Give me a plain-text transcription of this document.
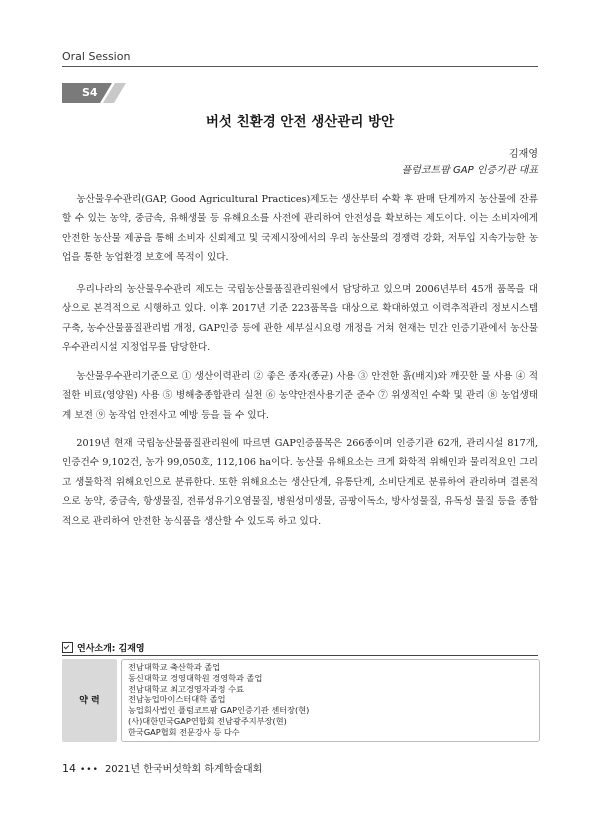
Oral Session
S4
버섯 친환경 안전 생산관리 방안
김재영
플럼코트팜 GAP 인증기관 대표

농산물우수관리(GAP, Good Agricultural Practices)제도는 생산부터 수확 후 판매 단계까지 농산물에 잔류할 수 있는 농약, 중금속, 유해생물 등 유해요소를 사전에 관리하여 안전성을 확보하는 제도이다. 이는 소비자에게 안전한 농산물 제공을 통해 소비자 신뢰제고 및 국제시장에서의 우리 농산물의 경쟁력 강화, 저투입 지속가능한 농업을 통한 농업환경 보호에 목적이 있다.

우리나라의 농산물우수관리 제도는 국립농산물품질관리원에서 담당하고 있으며 2006년부터 45개 품목을 대상으로 본격적으로 시행하고 있다. 이후 2017년 기준 223품목을 대상으로 확대하였고 이력추적관리 정보시스템 구축, 농수산물품질관리법 개정, GAP인증 등에 관한 세부실시요령 개정을 거쳐 현재는 민간 인증기관에서 농산물우수관리시설 지정업무를 담당한다.

농산물우수관리기준으로 ① 생산이력관리 ② 좋은 종자(종균) 사용 ③ 안전한 흙(배지)와 깨끗한 물 사용 ④ 적절한 비료(영양원) 사용 ⑤ 병해충종합관리 실천 ⑥ 농약안전사용기준 준수 ⑦ 위생적인 수확 및 관리 ⑧ 농업생태계 보전 ⑨ 농작업 안전사고 예방 등을 들 수 있다.

2019년 현재 국립농산물품질관리원에 따르면 GAP인증품목은 266종이며 인증기관 62개, 관리시설 817개, 인증건수 9,102건, 농가 99,050호, 112,106 ha이다. 농산물 유해요소는 크게 화학적 위해인과 물리적요인 그리고 생물학적 위해요인으로 분류한다. 또한 위해요소는 생산단계, 유통단계, 소비단계로 분류하여 관리하며 결론적으로 농약, 중금속, 항생물질, 전류성유기오염물질, 병원성미생물, 곰팡이독소, 방사성물질, 유독성 물질 등을 종합적으로 관리하여 안전한 농식품을 생산할 수 있도록 하고 있다.

연사소개:
김재영
약 력
전남대학교 축산학과 졸업
동신대학교 경영대학원 경영학과 졸업
전남대학교 최고경영자과정 수료
전남농업마이스터대학 졸업
농업회사법인 플럼코트팜 GAP인증기관 센터장(현)
(사)대한민국GAP연합회 전남광주지부장(현)
한국GAP협회 전문강사 등 다수
14 ••• 2021년 한국버섯학회 하계학술대회
